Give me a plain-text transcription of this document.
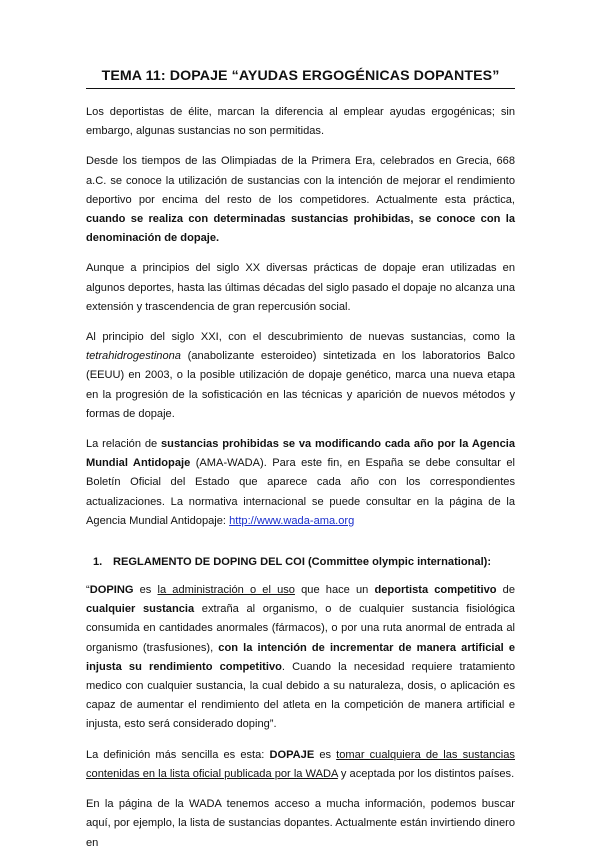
TEMA 11: DOPAJE “AYUDAS ERGOGÉNICAS DOPANTES”

Los deportistas de élite, marcan la diferencia al emplear ayudas ergogénicas; sin embargo, algunas sustancias no son permitidas.

Desde los tiempos de las Olimpiadas de la Primera Era, celebrados en Grecia, 668 a.C. se conoce la utilización de sustancias con la intención de mejorar el rendimiento deportivo por encima del resto de los competidores. Actualmente esta práctica, cuando se realiza con determinadas sustancias prohibidas, se conoce con la denominación de dopaje.

Aunque a principios del siglo XX diversas prácticas de dopaje eran utilizadas en algunos deportes, hasta las últimas décadas del siglo pasado el dopaje no alcanza una extensión y trascendencia de gran repercusión social.

Al principio del siglo XXI, con el descubrimiento de nuevas sustancias, como la tetrahidrogestinona (anabolizante esteroideo) sintetizada en los laboratorios Balco (EEUU) en 2003, o la posible utilización de dopaje genético, marca una nueva etapa en la progresión de la sofisticación en las técnicas y aparición de nuevos métodos y formas de dopaje.

La relación de sustancias prohibidas se va modificando cada año por la Agencia Mundial Antidopaje (AMA-WADA). Para este fin, en España se debe consultar el Boletín Oficial del Estado que aparece cada año con los correspondientes actualizaciones. La normativa internacional se puede consultar en la página de la Agencia Mundial Antidopaje: http://www.wada-ama.org

1. REGLAMENTO DE DOPING DEL COI (Committee olympic international):

“DOPING es la administración o el uso que hace un deportista competitivo de cualquier sustancia extraña al organismo, o de cualquier sustancia fisiológica consumida en cantidades anormales (fármacos), o por una ruta anormal de entrada al organismo (trasfusiones), con la intención de incrementar de manera artificial e injusta su rendimiento competitivo. Cuando la necesidad requiere tratamiento medico con cualquier sustancia, la cual debido a su naturaleza, dosis, o aplicación es capaz de aumentar el rendimiento del atleta en la competición de manera artificial e injusta, esto será considerado doping”.

La definición más sencilla es esta: DOPAJE es tomar cualquiera de las sustancias contenidas en la lista oficial publicada por la WADA y aceptada por los distintos países.

En la página de la WADA tenemos acceso a mucha información, podemos buscar aquí, por ejemplo, la lista de sustancias dopantes. Actualmente están invirtiendo dinero en
